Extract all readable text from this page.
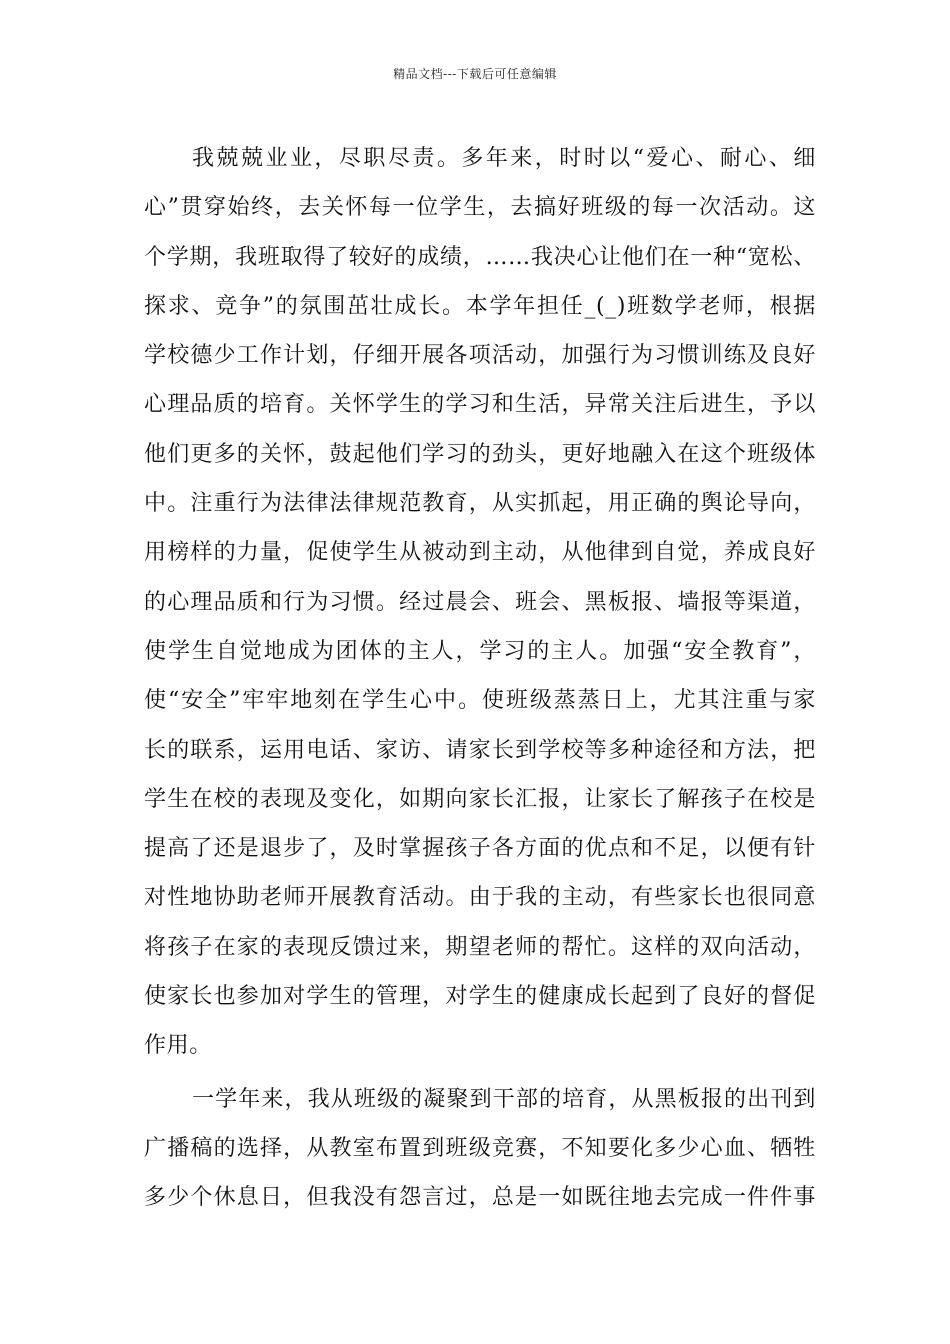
精品文档---下载后可任意编辑
我兢兢业业，尽职尽责。多年来，时时以“爱心、耐心、细
心”贯穿始终，去关怀每一位学生，去搞好班级的每一次活动。这
个学期，我班取得了较好的成绩，……我决心让他们在一种“宽松、
探求、竞争”的氛围茁壮成长。本学年担任_(_)班数学老师，根据
学校德少工作计划，仔细开展各项活动，加强行为习惯训练及良好
心理品质的培育。关怀学生的学习和生活，异常关注后进生，予以
他们更多的关怀，鼓起他们学习的劲头，更好地融入在这个班级体
中。注重行为法律法律规范教育，从实抓起，用正确的舆论导向，
用榜样的力量，促使学生从被动到主动，从他律到自觉，养成良好
的心理品质和行为习惯。经过晨会、班会、黑板报、墙报等渠道，
使学生自觉地成为团体的主人，学习的主人。加强“安全教育”，
使“安全”牢牢地刻在学生心中。使班级蒸蒸日上，尤其注重与家
长的联系，运用电话、家访、请家长到学校等多种途径和方法，把
学生在校的表现及变化，如期向家长汇报，让家长了解孩子在校是
提高了还是退步了，及时掌握孩子各方面的优点和不足，以便有针
对性地协助老师开展教育活动。由于我的主动，有些家长也很同意
将孩子在家的表现反馈过来，期望老师的帮忙。这样的双向活动，
使家长也参加对学生的管理，对学生的健康成长起到了良好的督促
作用。
一学年来，我从班级的凝聚到干部的培育，从黑板报的出刊到
广播稿的选择，从教室布置到班级竞赛，不知要化多少心血、牺牲
多少个休息日，但我没有怨言过，总是一如既往地去完成一件件事
